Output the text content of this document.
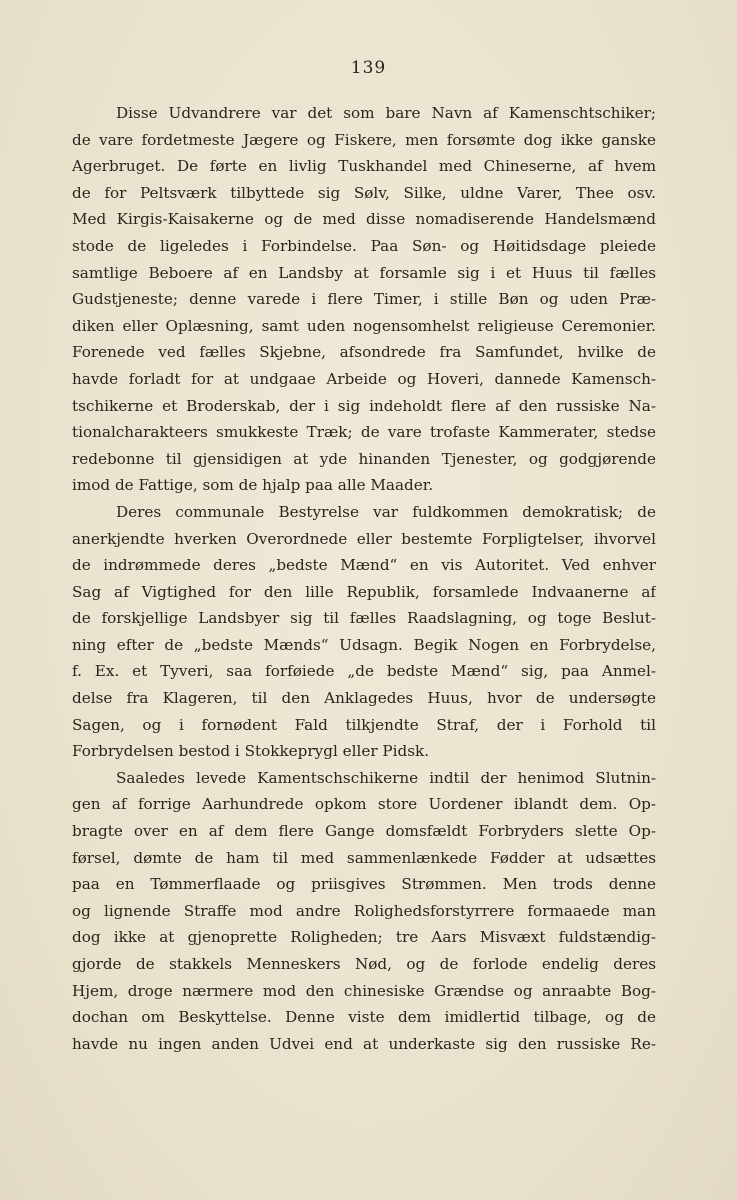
139
Disse Udvandrere var det som bare Navn af Kamenschtschiker;
de vare fordetmeste Jægere og Fiskere, men forsømte dog ikke ganske
Agerbruget. De førte en livlig Tuskhandel med Chineserne, af hvem
de for Peltsværk tilbyttede sig Sølv, Silke, uldne Varer, Thee osv.
Med Kirgis-Kaisakerne og de med disse nomadiserende Handelsmænd
stode de ligeledes i Forbindelse. Paa Søn- og Høitidsdage pleiede
samtlige Beboere af en Landsby at forsamle sig i et Huus til fælles
Gudstjeneste; denne varede i flere Timer, i stille Bøn og uden Præ-
diken eller Oplæsning, samt uden nogensomhelst religieuse Ceremonier.
Forenede ved fælles Skjebne, afsondrede fra Samfundet, hvilke de
havde forladt for at undgaae Arbeide og Hoveri, dannede Kamensch-
tschikerne et Broderskab, der i sig indeholdt flere af den russiske Na-
tionalcharakteers smukkeste Træk; de vare trofaste Kammerater, stedse
redebonne til gjensidigen at yde hinanden Tjenester, og godgjørende
imod de Fattige, som de hjalp paa alle Maader.
Deres communale Bestyrelse var fuldkommen demokratisk; de
anerkjendte hverken Overordnede eller bestemte Forpligtelser, ihvorvel
de indrømmede deres „bedste Mænd“ en vis Autoritet. Ved enhver
Sag af Vigtighed for den lille Republik, forsamlede Indvaanerne af
de forskjellige Landsbyer sig til fælles Raadslagning, og toge Beslut-
ning efter de „bedste Mænds“ Udsagn. Begik Nogen en Forbrydelse,
f. Ex. et Tyveri, saa forføiede „de bedste Mænd“ sig, paa Anmel-
delse fra Klageren, til den Anklagedes Huus, hvor de undersøgte
Sagen, og i fornødent Fald tilkjendte Straf, der i Forhold til
Forbrydelsen bestod i Stokkeprygl eller Pidsk.
Saaledes levede Kamentschschikerne indtil der henimod Slutnin-
gen af forrige Aarhundrede opkom store Uordener iblandt dem. Op-
bragte over en af dem flere Gange domsfældt Forbryders slette Op-
førsel, dømte de ham til med sammenlænkede Fødder at udsættes
paa en Tømmerflaade og priisgives Strømmen. Men trods denne
og lignende Straffe mod andre Rolighedsforstyrrere formaaede man
dog ikke at gjenoprette Roligheden; tre Aars Misvæxt fuldstændig-
gjorde de stakkels Menneskers Nød, og de forlode endelig deres
Hjem, droge nærmere mod den chinesiske Grændse og anraabte Bog-
dochan om Beskyttelse. Denne viste dem imidlertid tilbage, og de
havde nu ingen anden Udvei end at underkaste sig den russiske Re-
